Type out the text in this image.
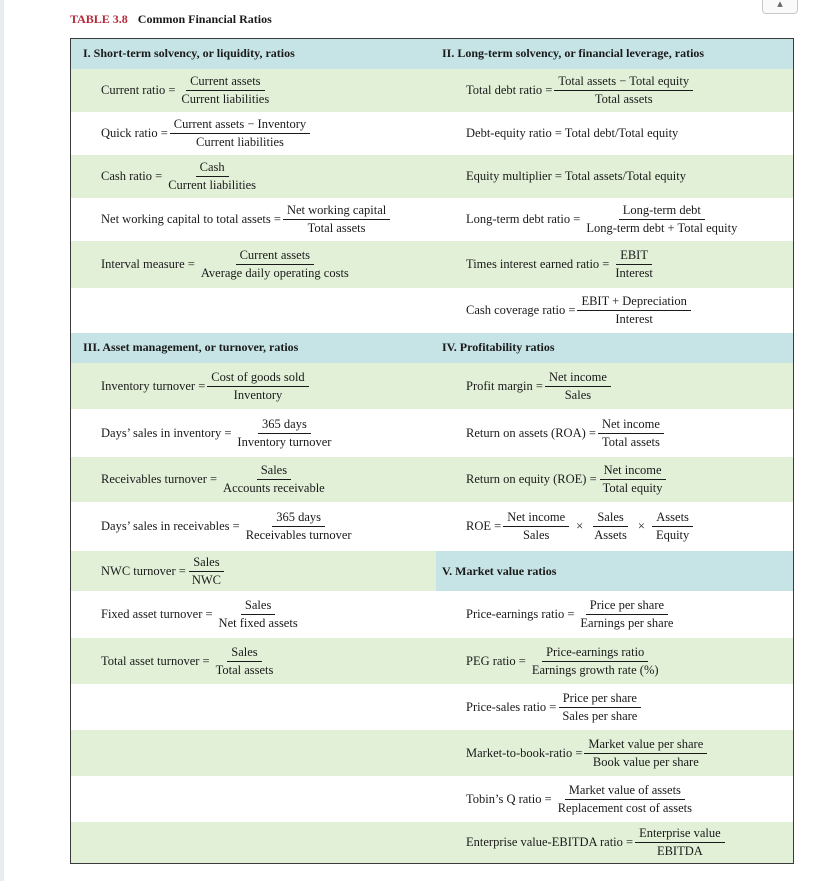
▴
TABLE 3.8 Common Financial Ratios
I. Short-term solvency, or liquidity, ratios	II. Long-term solvency, or financial leverage, ratios
III. Asset management, or turnover, ratios	IV. Profitability ratios
V. Market value ratios
Current ratio = $\frac{\text{Current assets}}{\text{Current liabilities}}$
Quick ratio = $\frac{\text{Current assets − Inventory}}{\text{Current liabilities}}$
Cash ratio = $\frac{\text{Cash}}{\text{Current liabilities}}$
Net working capital to total assets = $\frac{\text{Net working capital}}{\text{Total assets}}$
Interval measure = $\frac{\text{Current assets}}{\text{Average daily operating costs}}$
Total debt ratio = $\frac{\text{Total assets − Total equity}}{\text{Total assets}}$
Debt-equity ratio = Total debt/Total equity
Equity multiplier = Total assets/Total equity
Long-term debt ratio = $\frac{\text{Long-term debt}}{\text{Long-term debt + Total equity}}$
Times interest earned ratio = $\frac{\text{EBIT}}{\text{Interest}}$
Cash coverage ratio = $\frac{\text{EBIT + Depreciation}}{\text{Interest}}$
Inventory turnover = $\frac{\text{Cost of goods sold}}{\text{Inventory}}$
Days’ sales in inventory = $\frac{\text{365 days}}{\text{Inventory turnover}}$
Receivables turnover = $\frac{\text{Sales}}{\text{Accounts receivable}}$
Days’ sales in receivables = $\frac{\text{365 days}}{\text{Receivables turnover}}$
NWC turnover = $\frac{\text{Sales}}{\text{NWC}}$
Fixed asset turnover = $\frac{\text{Sales}}{\text{Net fixed assets}}$
Total asset turnover = $\frac{\text{Sales}}{\text{Total assets}}$
Profit margin = $\frac{\text{Net income}}{\text{Sales}}$
Return on assets $(ROA) = \frac{\text{Net income}}{\text{Total assets}}$
Return on equity $(ROE) = \frac{\text{Net income}}{\text{Total equity}}$
ROE = $\frac{\text{Net income}}{\text{Sales}} \times \frac{\text{Sales}}{\text{Assets}} \times \frac{\text{Assets}}{\text{Equity}}$
Price-earnings ratio = $\frac{\text{Price per share}}{\text{Earnings per share}}$
PEG ratio = $\frac{\text{Price-earnings ratio}}{\text{Earnings growth rate (\%)}}$
Price-sales ratio = $\frac{\text{Price per share}}{\text{Sales per share}}$
Market-to-book-ratio = $\frac{\text{Market value per share}}{\text{Book value per share}}$
Tobin’s Q ratio = $\frac{\text{Market value of assets}}{\text{Replacement cost of assets}}$
Enterprise value-EBITDA ratio = $\frac{\text{Enterprise value}}{\text{EBITDA}}$
